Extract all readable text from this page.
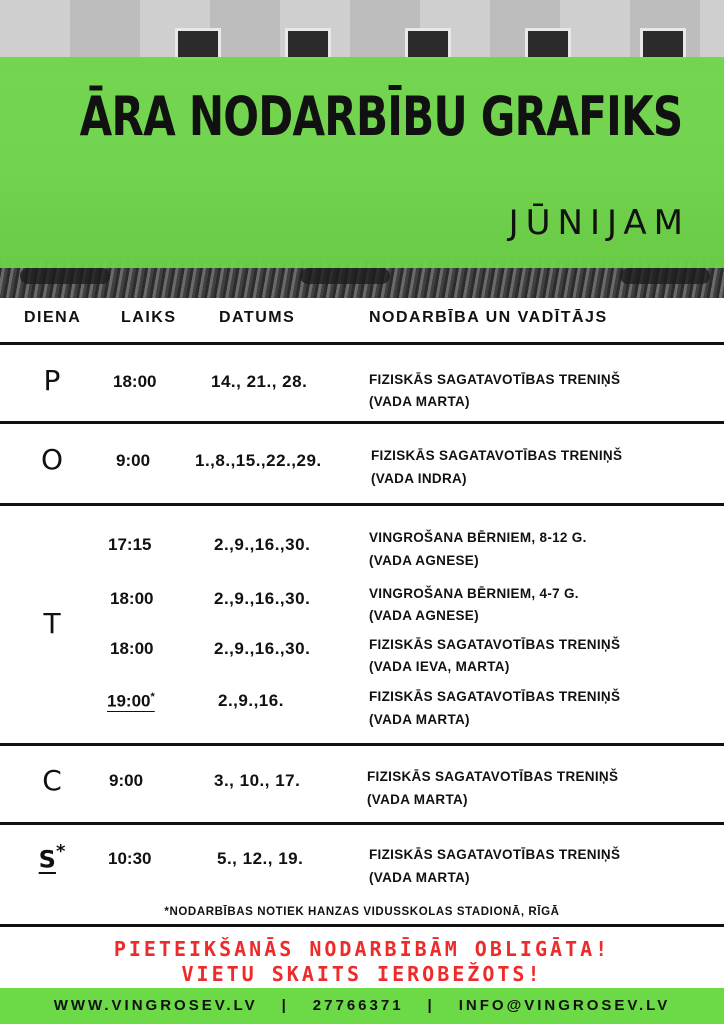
ĀRA NODARBĪBU GRAFIKS
JŪNIJAM
DIENA LAIKS	DATUMS	NODARBĪBA UN VADĪTĀJS
P	18:00	14., 21., 28.	FIZISKĀS SAGATAVOTĪBAS TRENIŅŠ
(VADA MARTA)
O	9:00	1.,8.,15.,22.,29.	FIZISKĀS SAGATAVOTĪBAS TRENIŅŠ
(VADA INDRA)
T
17:15	2.,9.,16.,30.	VINGROŠANA BĒRNIEM, 8-12 G.
(VADA AGNESE)
18:00	2.,9.,16.,30.	VINGROŠANA BĒRNIEM, 4-7 G.
(VADA AGNESE)
18:00	2.,9.,16.,30.	FIZISKĀS SAGATAVOTĪBAS TRENIŅŠ
(VADA IEVA, MARTA)
19:00*	2.,9.,16.	FIZISKĀS SAGATAVOTĪBAS TRENIŅŠ
(VADA MARTA)
C	9:00	3., 10., 17.	FIZISKĀS SAGATAVOTĪBAS TRENIŅŠ
(VADA MARTA)
S*	10:30	5., 12., 19.	FIZISKĀS SAGATAVOTĪBAS TRENIŅŠ
(VADA MARTA)
*NODARBĪBAS NOTIEK HANZAS VIDUSSKOLAS STADIONĀ, RĪGĀ
PIETEIKŠANĀS NODARBĪBĀM OBLIGĀTA!
VIETU SKAITS IEROBEŽOTS!
WWW.VINGROSEV.LV | 27766371 | INFO@VINGROSEV.LV
